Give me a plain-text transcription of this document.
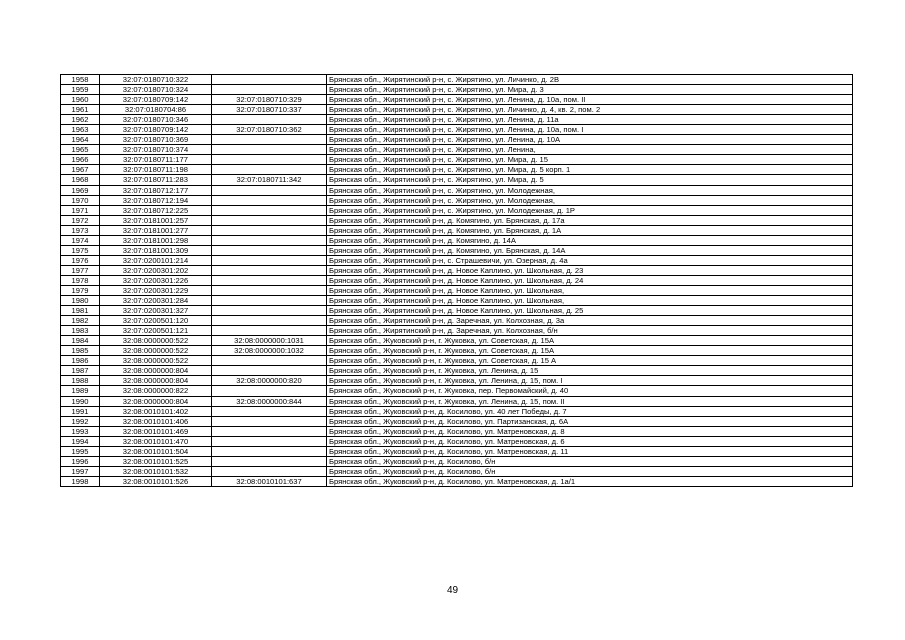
1958	32:07:0180710:322		Брянская обл., Жирятинский р-н, с. Жирятино, ул. Личинко, д. 2В
1959	32:07:0180710:324		Брянская обл., Жирятинский р-н, с. Жирятино, ул. Мира, д. 3
1960	32:07:0180709:142	32:07:0180710:329	Брянская обл., Жирятинский р-н, с. Жирятино, ул. Ленина, д. 10а, пом. II
1961	32:07:0180704:86	32:07:0180710:337	Брянская обл., Жирятинский р-н, с. Жирятино, ул. Личинко, д. 4, кв. 2, пом. 2
1962	32:07:0180710:346		Брянская обл., Жирятинский р-н, с. Жирятино, ул. Ленина, д. 11а
1963	32:07:0180709:142	32:07:0180710:362	Брянская обл., Жирятинский р-н, с. Жирятино, ул. Ленина, д. 10а, пом. I
1964	32:07:0180710:369		Брянская обл., Жирятинский р-н, с. Жирятино, ул. Ленина, д. 10А
1965	32:07:0180710:374		Брянская обл., Жирятинский р-н, с. Жирятино, ул. Ленина,
1966	32:07:0180711:177		Брянская обл., Жирятинский р-н, с. Жирятино, ул. Мира, д. 15
1967	32:07:0180711:198		Брянская обл., Жирятинский р-н, с. Жирятино, ул. Мира, д. 5 корп. 1
1968	32:07:0180711:283	32:07:0180711:342	Брянская обл., Жирятинский р-н, с. Жирятино, ул. Мира, д. 5
1969	32:07:0180712:177		Брянская обл., Жирятинский р-н, с. Жирятино, ул. Молодежная,
1970	32:07:0180712:194		Брянская обл., Жирятинский р-н, с. Жирятино, ул. Молодежная,
1971	32:07:0180712:225		Брянская обл., Жирятинский р-н, с. Жирятино, ул. Молодежная, д. 1Р
1972	32:07:0181001:257		Брянская обл., Жирятинский р-н, д. Комягино, ул. Брянская, д. 17а
1973	32:07:0181001:277		Брянская обл., Жирятинский р-н, д. Комягино, ул. Брянская, д. 1А
1974	32:07:0181001:298		Брянская обл., Жирятинский р-н, д. Комягино, д. 14А
1975	32:07:0181001:309		Брянская обл., Жирятинский р-н, д. Комягино, ул. Брянская, д. 14А
1976	32:07:0200101:214		Брянская обл., Жирятинский р-н, с. Страшевичи, ул. Озерная, д. 4а
1977	32:07:0200301:202		Брянская обл., Жирятинский р-н, д. Новое Каплино, ул. Школьная, д. 23
1978	32:07:0200301:226		Брянская обл., Жирятинский р-н, д. Новое Каплино, ул. Школьная, д. 24
1979	32:07:0200301:229		Брянская обл., Жирятинский р-н, д. Новое Каплино, ул. Школьная,
1980	32:07:0200301:284		Брянская обл., Жирятинский р-н, д. Новое Каплино, ул. Школьная,
1981	32:07:0200301:327		Брянская обл., Жирятинский р-н, д. Новое Каплино, ул. Школьная, д. 25
1982	32:07:0200501:120		Брянская обл., Жирятинский р-н, д. Заречная, ул. Колхозная, д. 3а
1983	32:07:0200501:121		Брянская обл., Жирятинский р-н, д. Заречная, ул. Колхозная, б/н
1984	32:08:0000000:522	32:08:0000000:1031	Брянская обл., Жуковский р-н, г. Жуковка, ул. Советская, д. 15А
1985	32:08:0000000:522	32:08:0000000:1032	Брянская обл., Жуковский р-н, г. Жуковка, ул. Советская, д. 15А
1986	32:08:0000000:522		Брянская обл., Жуковский р-н, г. Жуковка, ул. Советская, д. 15 А
1987	32:08:0000000:804		Брянская обл., Жуковский р-н, г. Жуковка, ул. Ленина, д. 15
1988	32:08:0000000:804	32:08:0000000:820	Брянская обл., Жуковский р-н, г. Жуковка, ул. Ленина, д. 15, пом. I
1989	32:08:0000000:822		Брянская обл., Жуковский р-н, г. Жуковка, пер. Первомайский, д. 40
1990	32:08:0000000:804	32:08:0000000:844	Брянская обл., Жуковский р-н, г. Жуковка, ул. Ленина, д. 15, пом. II
1991	32:08:0010101:402		Брянская обл., Жуковский р-н, д. Косилово, ул. 40 лет Победы, д. 7
1992	32:08:0010101:406		Брянская обл., Жуковский р-н, д. Косилово, ул. Партизанская, д. 6А
1993	32:08:0010101:469		Брянская обл., Жуковский р-н, д. Косилово, ул. Матреновская, д. 8
1994	32:08:0010101:470		Брянская обл., Жуковский р-н, д. Косилово, ул. Матреновская, д. 6
1995	32:08:0010101:504		Брянская обл., Жуковский р-н, д. Косилово, ул. Матреновская, д. 11
1996	32:08:0010101:525		Брянская обл., Жуковский р-н, д. Косилово, б/н
1997	32:08:0010101:532		Брянская обл., Жуковский р-н, д. Косилово, б/н
1998	32:08:0010101:526	32:08:0010101:637	Брянская обл., Жуковский р-н, д. Косилово, ул. Матреновская, д. 1а/1
49
